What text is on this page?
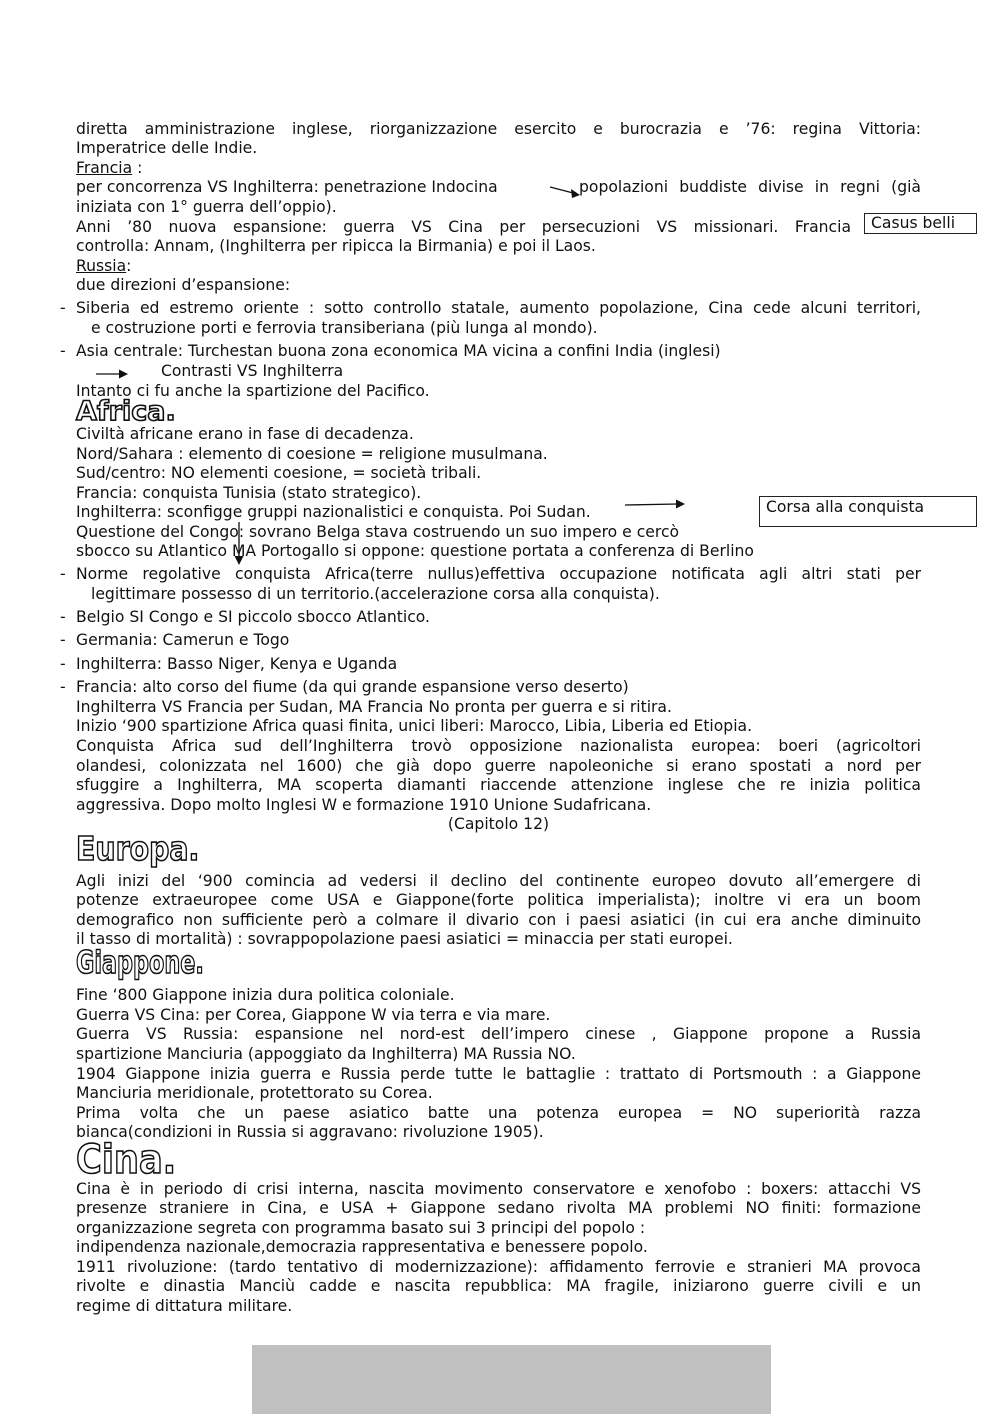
diretta amministrazione inglese, riorganizzazione esercito e burocrazia e ’76: regina Vittoria:
Imperatrice delle Indie.
Francia :
per concorrenza VS Inghilterra: penetrazione Indocina	popolazioni buddiste divise in regni (già
iniziata con 1° guerra dell’oppio).
Anni ’80 nuova espansione: guerra VS Cina per persecuzioni VS missionari. Francia	Casus belli
controlla: Annam, (Inghilterra per ripicca la Birmania) e poi il Laos.
Russia:
due direzioni d’espansione:
- Siberia ed estremo oriente : sotto controllo statale, aumento popolazione, Cina cede alcuni territori,
e costruzione porti e ferrovia transiberiana (più lunga al mondo).
- Asia centrale: Turchestan buona zona economica MA vicina a confini India (inglesi)
Contrasti VS Inghilterra
Intanto ci fu anche la spartizione del Pacifico.
Africa.
Civiltà africane erano in fase di decadenza.
Nord/Sahara : elemento di coesione = religione musulmana.
Sud/centro: NO elementi coesione, = società tribali.
Francia: conquista Tunisia (stato strategico).
Inghilterra: sconfigge gruppi nazionalistici e conquista. Poi Sudan.	Corsa alla conquista
Questione del Congo: sovrano Belga stava costruendo un suo impero e cercò
sbocco su Atlantico MA Portogallo si oppone: questione portata a conferenza di Berlino
- Norme regolative conquista Africa(terre nullus)effettiva occupazione notificata agli altri stati per
legittimare possesso di un territorio.(accelerazione corsa alla conquista).
- Belgio SI Congo e SI piccolo sbocco Atlantico.
- Germania: Camerun e Togo
- Inghilterra: Basso Niger, Kenya e Uganda
- Francia: alto corso del fiume (da qui grande espansione verso deserto)
Inghilterra VS Francia per Sudan, MA Francia No pronta per guerra e si ritira.
Inizio ‘900 spartizione Africa quasi finita, unici liberi: Marocco, Libia, Liberia ed Etiopia.
Conquista Africa sud dell’Inghilterra trovò opposizione nazionalista europea: boeri (agricoltori
olandesi, colonizzata nel 1600) che già dopo guerre napoleoniche si erano spostati a nord per
sfuggire a Inghilterra, MA scoperta diamanti riaccende attenzione inglese che re inizia politica
aggressiva. Dopo molto Inglesi W e formazione 1910 Unione Sudafricana.
(Capitolo 12)
Europa.
Agli inizi del ‘900 comincia ad vedersi il declino del continente europeo dovuto all’emergere di
potenze extraeuropee come USA e Giappone(forte politica imperialista); inoltre vi era un boom
demografico non sufficiente però a colmare il divario con i paesi asiatici (in cui era anche diminuito
il tasso di mortalità) : sovrappopolazione paesi asiatici = minaccia per stati europei.
Giappone.
Fine ‘800 Giappone inizia dura politica coloniale.
Guerra VS Cina: per Corea, Giappone W via terra e via mare.
Guerra VS Russia: espansione nel nord-est dell’impero cinese , Giappone propone a Russia
spartizione Manciuria (appoggiato da Inghilterra) MA Russia NO.
1904 Giappone inizia guerra e Russia perde tutte le battaglie : trattato di Portsmouth : a Giappone
Manciuria meridionale, protettorato su Corea.
Prima volta che un paese asiatico batte una potenza europea = NO superiorità razza
bianca(condizioni in Russia si aggravano: rivoluzione 1905).
Cina.
Cina è in periodo di crisi interna, nascita movimento conservatore e xenofobo : boxers: attacchi VS
presenze straniere in Cina, e USA + Giappone sedano rivolta MA problemi NO finiti: formazione
organizzazione segreta con programma basato sui 3 principi del popolo :
indipendenza nazionale,democrazia rappresentativa e benessere popolo.
1911 rivoluzione: (tardo tentativo di modernizzazione): affidamento ferrovie e stranieri MA provoca
rivolte e dinastia Manciù cadde e nascita repubblica: MA fragile, iniziarono guerre civili e un
regime di dittatura militare.
